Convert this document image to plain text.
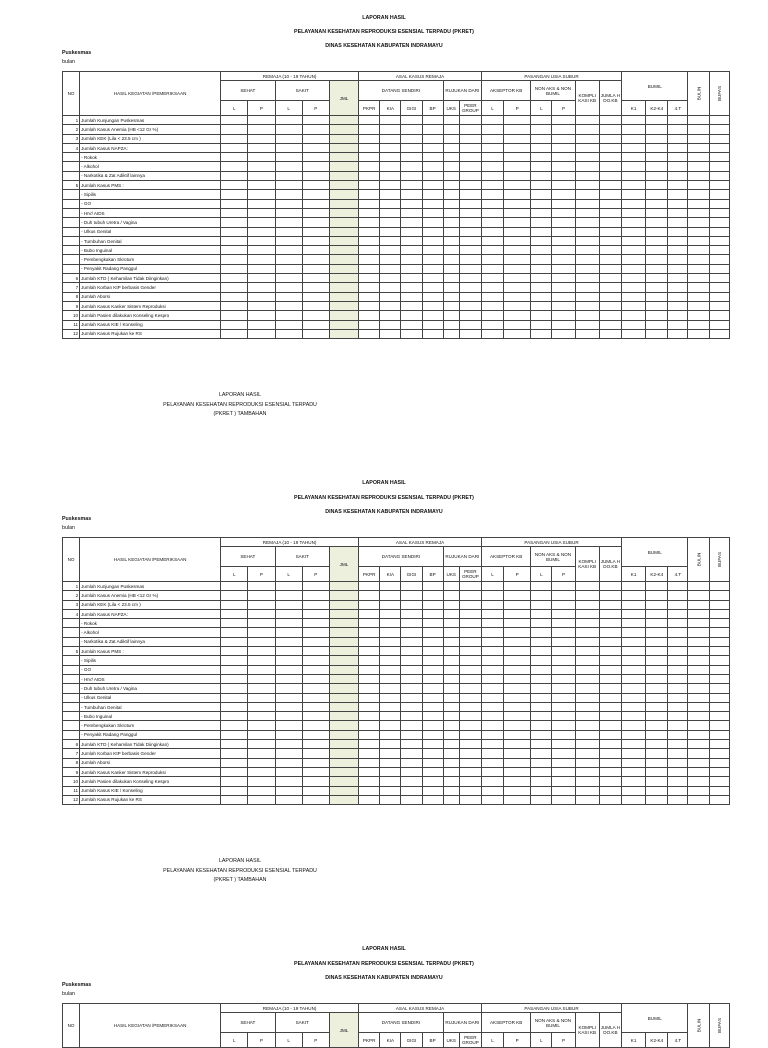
LAPORAN HASIL
PELAYANAN KESEHATAN REPRODUKSI ESENSIAL TERPADU (PKRET)
DINAS KESEHATAN KABUPATEN INDRAMAYU
Puskesmas
bulan
NO	HASIL KEGIATAN /PEMERIKSAAN	REMAJA (10 - 19 TAHUN)					ASAL KASUS REMAJA						PASANGAN USIA SUBUR						BUMIL			BULIN	BUFAS
		SEHAT		SAKIT		JML	DATANG SENDIRI				RUJUKAN DARI		AKSEPTOR KB		NON AKS & NON BUMIL		KOMPLI KASI KB	JUMLA H DO.KB					
		L	P	L	P		PKPR	KIA	GIGI	BP	UKS	PEER GROUP	L	P	L	P			K1	K2-K4	4.T		
1	Jumlah Kunjungan Puskesmas																						
2	Jumlah Kasus Anemia (HB <12 Gr %)																						
3	Jumlah KEK (Lila < 23.5 cm )																						
4	Jumlah Kasus NAPZA:																						
	- Rokok																						
	- Alkohol																						
	- Narkotika & Zat Adiktif lainnya																						
5	Jumlah Kasus PMS :																						
	- Sipilis																						
	- GO																						
	- HIV/ AIDS																						
	- Duh tubuh Uretra / Vagina																						
	- Ulkus Genital																						
	- Tumbuhan Genital																						
	- Bubo Inguinal																						
	- Pembengkakan Skrotum																						
	- Penyakit Radang Panggul																						
6	Jumlah KTD ( Kehamilan Tidak Diinginkan)																						
7	Jumlah Korban KtP berbasis Gender																						
8	Jumlah Aborsi																						
9	Jumlah Kasus Kanker Sistem Reproduksi																						
10	Jumlah Pasien dilakukan Konseling Kespro																						
11	Jumlah Kasus KIE / Konseling																						
12	Jumlah Kasus Rujukan ke RS																						
LAPORAN HASIL
PELAYANAN KESEHATAN REPRODUKSI ESENSIAL TERPADU
(PKRET ) TAMBAHAN
LAPORAN HASIL
PELAYANAN KESEHATAN REPRODUKSI ESENSIAL TERPADU (PKRET)
DINAS KESEHATAN KABUPATEN INDRAMAYU
Puskesmas
bulan
NO	HASIL KEGIATAN /PEMERIKSAAN	REMAJA (10 - 19 TAHUN)					ASAL KASUS REMAJA						PASANGAN USIA SUBUR						BUMIL			BULIN	BUFAS
		SEHAT		SAKIT		JML	DATANG SENDIRI				RUJUKAN DARI		AKSEPTOR KB		NON AKS & NON BUMIL		KOMPLI KASI KB	JUMLA H DO.KB					
		L	P	L	P		PKPR	KIA	GIGI	BP	UKS	PEER GROUP	L	P	L	P			K1	K2-K4	4.T		
1	Jumlah Kunjungan Puskesmas																						
2	Jumlah Kasus Anemia (HB <12 Gr %)																						
3	Jumlah KEK (Lila < 23.5 cm )																						
4	Jumlah Kasus NAPZA:																						
	- Rokok																						
	- Alkohol																						
	- Narkotika & Zat Adiktif lainnya																						
5	Jumlah Kasus PMS :																						
	- Sipilis																						
	- GO																						
	- HIV/ AIDS																						
	- Duh tubuh Uretra / Vagina																						
	- Ulkus Genital																						
	- Tumbuhan Genital																						
	- Bubo Inguinal																						
	- Pembengkakan Skrotum																						
	- Penyakit Radang Panggul																						
6	Jumlah KTD ( Kehamilan Tidak Diinginkan)																						
7	Jumlah Korban KtP berbasis Gender																						
8	Jumlah Aborsi																						
9	Jumlah Kasus Kanker Sistem Reproduksi																						
10	Jumlah Pasien dilakukan Konseling Kespro																						
11	Jumlah Kasus KIE / Konseling																						
12	Jumlah Kasus Rujukan ke RS																						
LAPORAN HASIL
PELAYANAN KESEHATAN REPRODUKSI ESENSIAL TERPADU
(PKRET ) TAMBAHAN
LAPORAN HASIL
PELAYANAN KESEHATAN REPRODUKSI ESENSIAL TERPADU (PKRET)
DINAS KESEHATAN KABUPATEN INDRAMAYU
Puskesmas
bulan
NO	HASIL KEGIATAN /PEMERIKSAAN	REMAJA (10 - 19 TAHUN)					ASAL KASUS REMAJA						PASANGAN USIA SUBUR						BUMIL			BULIN	BUFAS
		SEHAT		SAKIT		JML	DATANG SENDIRI				RUJUKAN DARI		AKSEPTOR KB		NON AKS & NON BUMIL		KOMPLI KASI KB	JUMLA H DO.KB					
		L	P	L	P		PKPR	KIA	GIGI	BP	UKS	PEER GROUP	L	P	L	P			K1	K2-K4	4.T		
